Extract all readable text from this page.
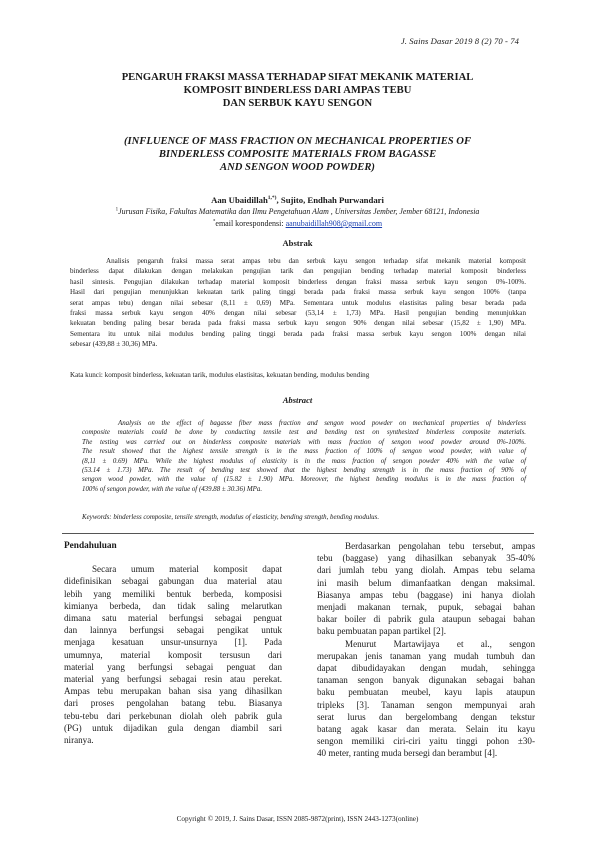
J. Sains Dasar 2019 8 (2) 70 - 74
PENGARUH FRAKSI MASSA TERHADAP SIFAT MEKANIK MATERIAL
KOMPOSIT BINDERLESS DARI AMPAS TEBU
DAN SERBUK KAYU SENGON
(INFLUENCE OF MASS FRACTION ON MECHANICAL PROPERTIES OF
BINDERLESS COMPOSITE MATERIALS FROM BAGASSE
AND SENGON WOOD POWDER)
Aan Ubaidillah$^{1,*)}$, Sujito, Endhah Purwandari
$^1$Jurusan Fisika, Fakultas Matematika dan Ilmu Pengetahuan Alam , Universitas Jember, Jember 68121, Indonesia
*email korespondensi: aanubaidillah908@gmail.com
Abstrak
Analisis pengaruh fraksi massa serat ampas tebu dan serbuk kayu sengon terhadap sifat mekanik material komposit
binderless dapat dilakukan dengan melakukan pengujian tarik dan pengujian bending terhadap material komposit binderless
hasil sintesis. Pengujian dilakukan terhadap material komposit binderless dengan fraksi massa serbuk kayu sengon 0%-100%.
Hasil dari pengujian menunjukkan kekuatan tarik paling tinggi berada pada fraksi massa serbuk kayu sengon 100% (tanpa
serat ampas tebu) dengan nilai sebesar (8,11 ± 0,69) MPa. Sementara untuk modulus elastisitas paling besar berada pada
fraksi massa serbuk kayu sengon 40% dengan nilai sebesar (53,14 ± 1,73) MPa. Hasil pengujian bending menunjukkan
kekuatan bending paling besar berada pada fraksi massa serbuk kayu sengon 90% dengan nilai sebesar (15,82 ± 1,90) MPa.
Sementara itu untuk nilai modulus bending paling tinggi berada pada fraksi massa serbuk kayu sengon 100% dengan nilai
sebesar (439,88 ± 30,36) MPa.
Kata kunci: komposit binderless, kekuatan tarik, modulus elastisitas, kekuatan bending, modulus bending
Abstract
Analysis on the effect of bagasse fiber mass fraction and sengon wood powder on mechanical properties of binderless
composite materials could be done by conducting tensile test and bending test on synthesized binderless composite materials.
The testing was carried out on binderless composite materials with mass fraction of sengon wood powder around 0%-100%.
The result showed that the highest tensile strength is in the mass fraction of 100% of sengon wood powder, with value of
(8,11 ± 0.69) MPa. While the highest modulus of elasticity is in the mass fraction of sengon powder 40% with the value of
(53.14 ± 1.73) MPa. The result of bending test showed that the highest bending strength is in the mass fraction of 90% of
sengon wood powder, with the value of (15.82 ± 1.90) MPa. Moreover, the highest bending modulus is in the mass fraction of
100% of sengon powder, with the value of (439.88 ± 30.36) MPa.
Keywords: binderless composite, tensile strength, modulus of elasticity, bending strength, bending modulus.
Pendahuluan
Secara umum material komposit dapat
didefinisikan sebagai gabungan dua material atau
lebih yang memiliki bentuk berbeda, komposisi
kimianya berbeda, dan tidak saling melarutkan
dimana satu material berfungsi sebagai penguat
dan lainnya berfungsi sebagai pengikat untuk
menjaga kesatuan unsur-unsurnya [1]. Pada
umumnya, material komposit tersusun dari
material yang berfungsi sebagai penguat dan
material yang berfungsi sebagai resin atau perekat.
Ampas tebu merupakan bahan sisa yang dihasilkan
dari proses pengolahan batang tebu. Biasanya
tebu-tebu dari perkebunan diolah oleh pabrik gula
(PG) untuk dijadikan gula dengan diambil sari
niranya.
Berdasarkan pengolahan tebu tersebut, ampas
tebu (baggase) yang dihasilkan sebanyak 35-40%
dari jumlah tebu yang diolah. Ampas tebu selama
ini masih belum dimanfaatkan dengan maksimal.
Biasanya ampas tebu (baggase) ini hanya diolah
menjadi makanan ternak, pupuk, sebagai bahan
bakar boiler di pabrik gula ataupun sebagai bahan
baku pembuatan papan partikel [2].
Menurut Martawijaya et al., sengon
merupakan jenis tanaman yang mudah tumbuh dan
dapat dibudidayakan dengan mudah, sehingga
tanaman sengon banyak digunakan sebagai bahan
baku pembuatan meubel, kayu lapis ataupun
tripleks [3]. Tanaman sengon mempunyai arah
serat lurus dan bergelombang dengan tekstur
batang agak kasar dan merata. Selain itu kayu
sengon memiliki ciri-ciri yaitu tinggi pohon ±30-
40 meter, ranting muda bersegi dan berambut [4].
Copyright © 2019, J. Sains Dasar, ISSN 2085-9872(print), ISSN 2443-1273(online)
